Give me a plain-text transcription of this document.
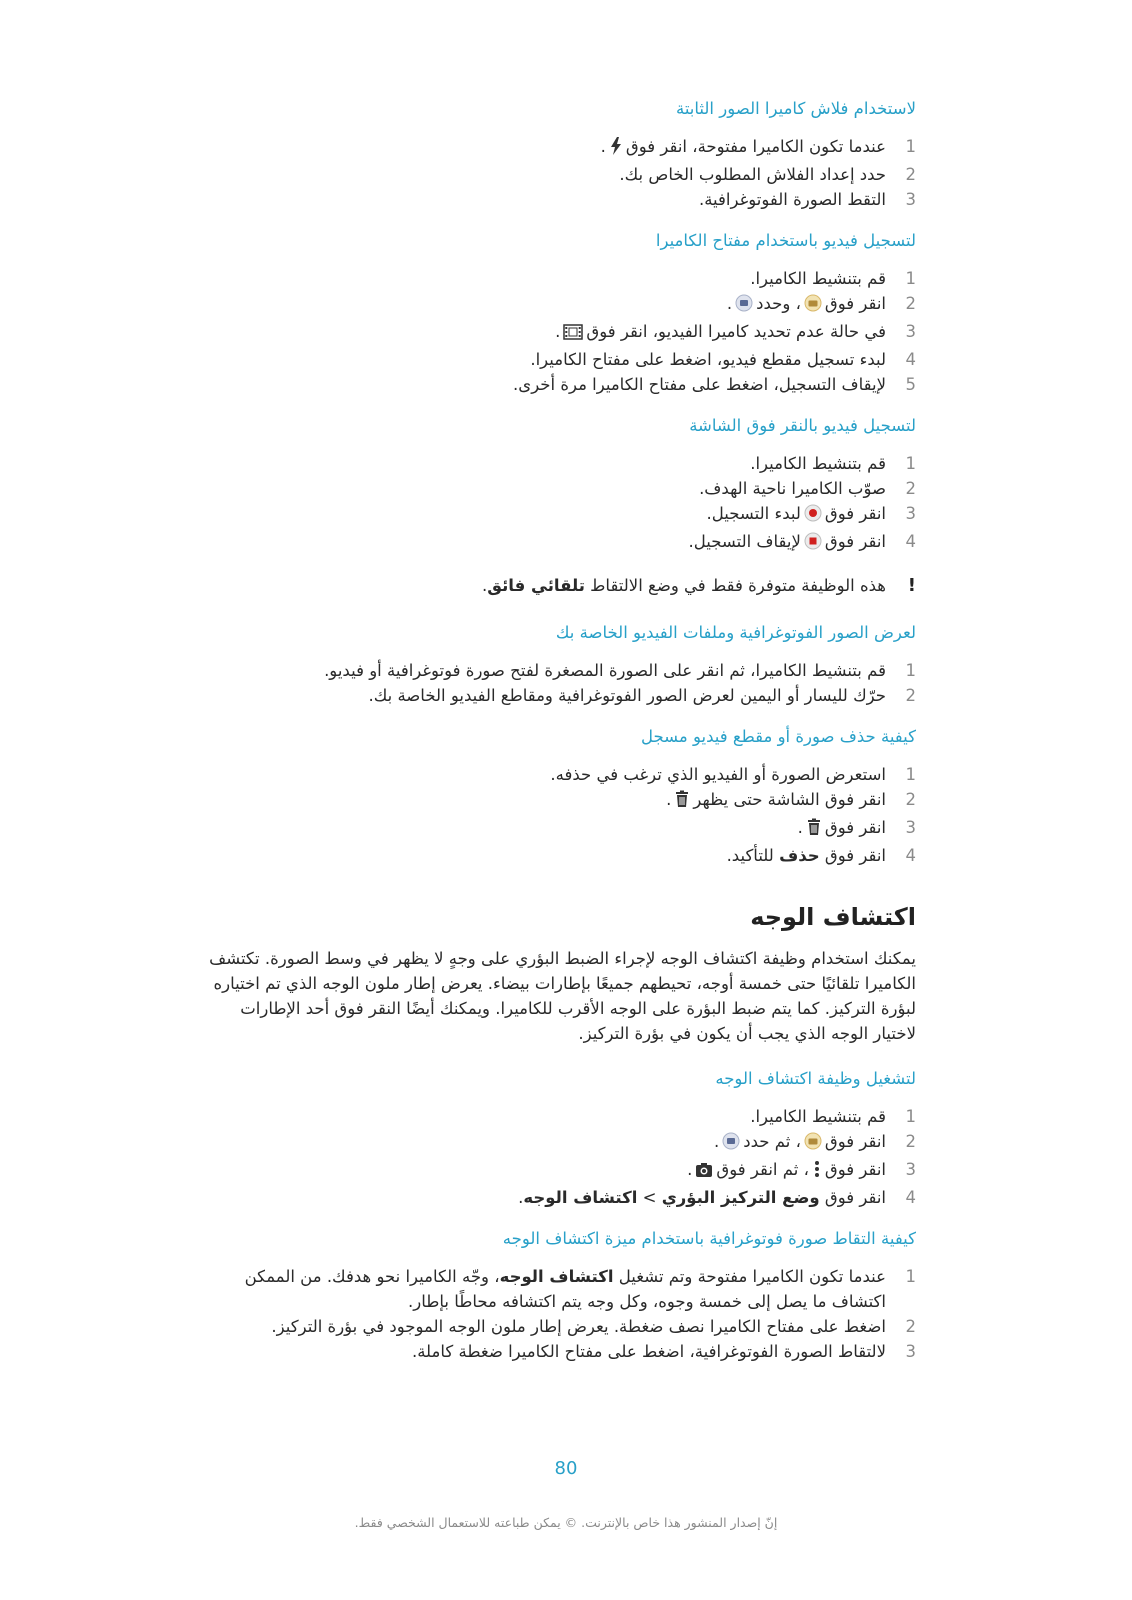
لاستخدام فلاش كاميرا الصور الثابتة
1
عندما تكون الكاميرا مفتوحة، انقر فوق.
2
حدد إعداد الفلاش المطلوب الخاص بك.
3
التقط الصورة الفوتوغرافية.
لتسجيل فيديو باستخدام مفتاح الكاميرا
1
قم بتنشيط الكاميرا.
2
انقر فوق، وحدد.
3
في حالة عدم تحديد كاميرا الفيديو، انقر فوق.
4
لبدء تسجيل مقطع فيديو، اضغط على مفتاح الكاميرا.
5
لإيقاف التسجيل، اضغط على مفتاح الكاميرا مرة أخرى.
لتسجيل فيديو بالنقر فوق الشاشة
1
قم بتنشيط الكاميرا.
2
صوّب الكاميرا ناحية الهدف.
3
انقر فوقلبدء التسجيل.
4
انقر فوقلإيقاف التسجيل.
!
هذه الوظيفة متوفرة فقط في وضع الالتقاط تلقائي فائق.
لعرض الصور الفوتوغرافية وملفات الفيديو الخاصة بك
1
قم بتنشيط الكاميرا، ثم انقر على الصورة المصغرة لفتح صورة فوتوغرافية أو فيديو.
2
حرّك لليسار أو اليمين لعرض الصور الفوتوغرافية ومقاطع الفيديو الخاصة بك.
كيفية حذف صورة أو مقطع فيديو مسجل
1
استعرض الصورة أو الفيديو الذي ترغب في حذفه.
2
انقر فوق الشاشة حتى يظهر.
3
انقر فوق.
4
انقر فوق حذف للتأكيد.
اكتشاف الوجه
يمكنك استخدام وظيفة اكتشاف الوجه لإجراء الضبط البؤري على وجهٍ لا يظهر في وسط الصورة. تكتشف الكاميرا تلقائيًا حتى خمسة أوجه، تحيطهم جميعًا بإطارات بيضاء. يعرض إطار ملون الوجه الذي تم اختياره لبؤرة التركيز. كما يتم ضبط البؤرة على الوجه الأقرب للكاميرا. ويمكنك أيضًا النقر فوق أحد الإطارات لاختيار الوجه الذي يجب أن يكون في بؤرة التركيز.
لتشغيل وظيفة اكتشاف الوجه
1
قم بتنشيط الكاميرا.
2
انقر فوق، ثم حدد.
3
انقر فوق، ثم انقر فوق.
4
انقر فوق وضع التركيز البؤري > اكتشاف الوجه.
كيفية التقاط صورة فوتوغرافية باستخدام ميزة اكتشاف الوجه
1
عندما تكون الكاميرا مفتوحة وتم تشغيل اكتشاف الوجه، وجّه الكاميرا نحو هدفك. من الممكن اكتشاف ما يصل إلى خمسة وجوه، وكل وجه يتم اكتشافه محاطًا بإطار.
2
اضغط على مفتاح الكاميرا نصف ضغطة. يعرض إطار ملون الوجه الموجود في بؤرة التركيز.
3
لالتقاط الصورة الفوتوغرافية، اضغط على مفتاح الكاميرا ضغطة كاملة.
80
إنّ إصدار المنشور هذا خاص بالإنترنت. © يمكن طباعته للاستعمال الشخصي فقط.
